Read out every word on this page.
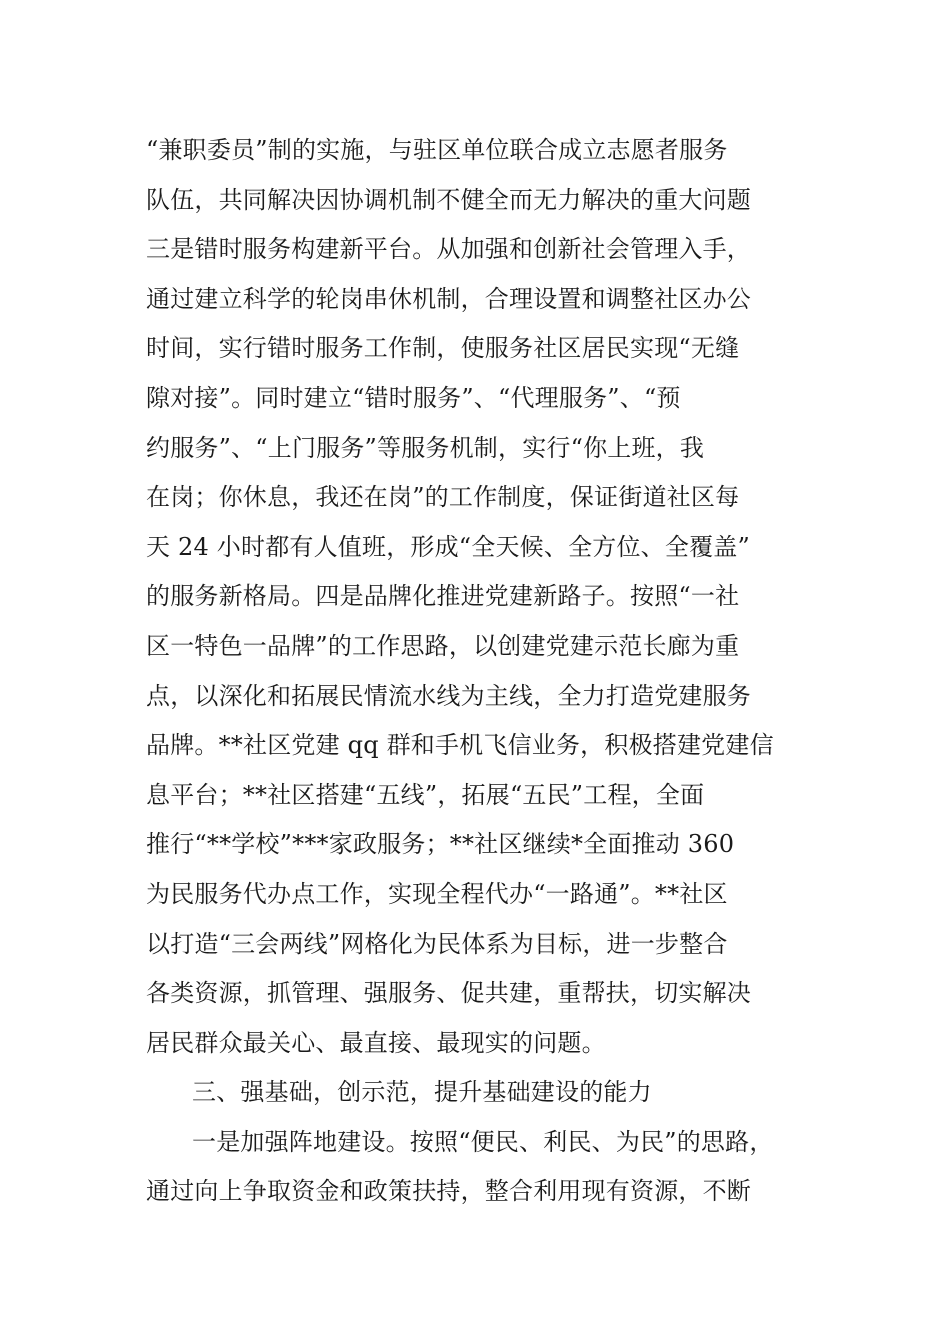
“兼职委员”制的实施，与驻区单位联合成立志愿者服务
队伍，共同解决因协调机制不健全而无力解决的重大问题
三是错时服务构建新平台。从加强和创新社会管理入手，
通过建立科学的轮岗串休机制，合理设置和调整社区办公
时间，实行错时服务工作制，使服务社区居民实现“无缝
隙对接”。同时建立“错时服务”、“代理服务”、“预
约服务”、“上门服务”等服务机制，实行“你上班，我
在岗；你休息，我还在岗”的工作制度，保证街道社区每
天 24 小时都有人值班，形成“全天候、全方位、全覆盖”
的服务新格局。四是品牌化推进党建新路子。按照“一社
区一特色一品牌”的工作思路，以创建党建示范长廊为重
点，以深化和拓展民情流水线为主线，全力打造党建服务
品牌。**社区党建 qq 群和手机飞信业务，积极搭建党建信
息平台；**社区搭建“五线”，拓展“五民”工程，全面
推行“**学校”***家政服务；**社区继续*全面推动 360
为民服务代办点工作，实现全程代办“一路通”。**社区
以打造“三会两线”网格化为民体系为目标，进一步整合
各类资源，抓管理、强服务、促共建，重帮扶，切实解决
居民群众最关心、最直接、最现实的问题。
三、强基础，创示范，提升基础建设的能力
一是加强阵地建设。按照“便民、利民、为民”的思路，
通过向上争取资金和政策扶持，整合利用现有资源，不断
